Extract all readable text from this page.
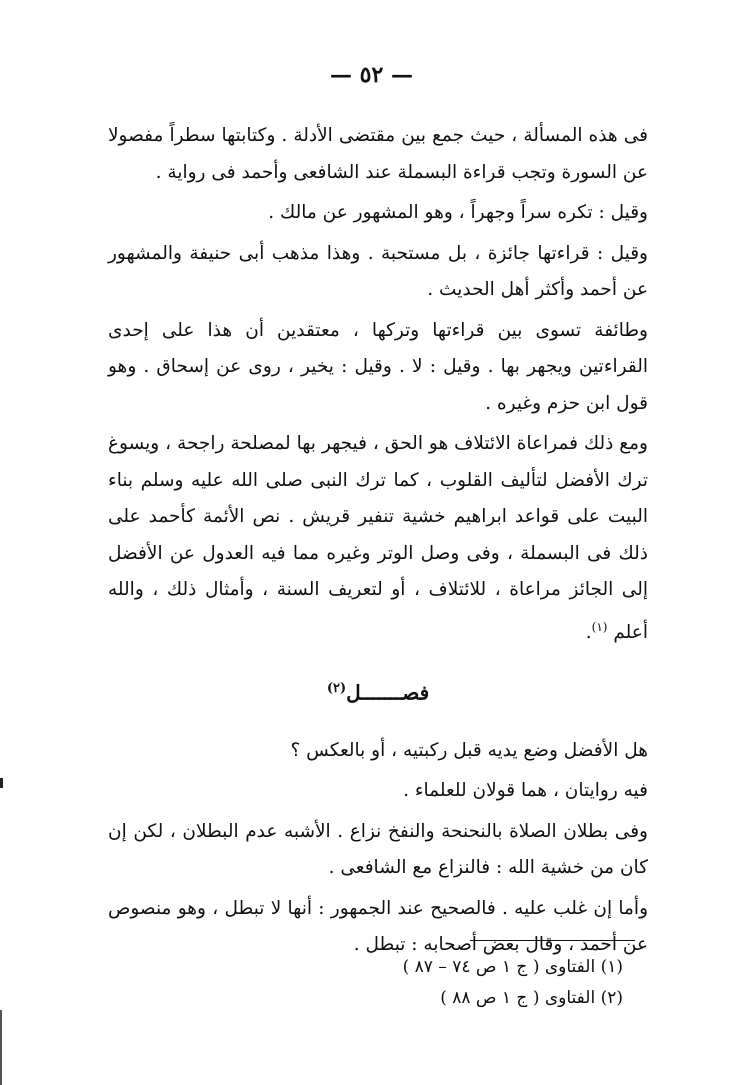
— ٥٢ —

فى هذه المسألة ، حيث جمع بين مقتضى الأدلة . وكتابتها سطراً مفصولا عن السورة وتجب قراءة البسملة عند الشافعى وأحمد فى رواية .

وقيل : تكره سراً وجهراً ، وهو المشهور عن مالك .

وقيل : قراءتها جائزة ، بل مستحبة . وهذا مذهب أبى حنيفة والمشهور عن أحمد وأكثر أهل الحديث .

وطائفة تسوى بين قراءتها وتركها ، معتقدين أن هذا على إحدى القراءتين ويجهر بها . وقيل : لا . وقيل : يخير ، روى عن إسحاق . وهو قول ابن حزم وغيره .

ومع ذلك فمراعاة الائتلاف هو الحق ، فيجهر بها لمصلحة راجحة ، ويسوغ ترك الأفضل لتأليف القلوب ، كما ترك النبى صلى الله عليه وسلم بناء البيت على قواعد ابراهيم خشية تنفير قريش . نص الأئمة كأحمد على ذلك فى البسملة ، وفى وصل الوتر وغيره مما فيه العدول عن الأفضل إلى الجائز مراعاة ، للائتلاف ، أو لتعريف السنة ، وأمثال ذلك ، والله أعلم $^{(١)}$.

فصـــــــل$^{(٢)}$

هل الأفضل وضع يديه قبل ركبتيه ، أو بالعكس ؟

فيه روايتان ، هما قولان للعلماء .

وفى بطلان الصلاة بالنحنحة والنفخ نزاع . الأشبه عدم البطلان ، لكن إن كان من خشية الله : فالنزاع مع الشافعى .

وأما إن غلب عليه . فالصحيح عند الجمهور : أنها لا تبطل ، وهو منصوص عن أحمد ، وقال بعض أصحابه : تبطل .

(١) الفتاوى ( ج ١ ص ٧٤ – ٨٧ )
(٢) الفتاوى ( ج ١ ص ٨٨ )
